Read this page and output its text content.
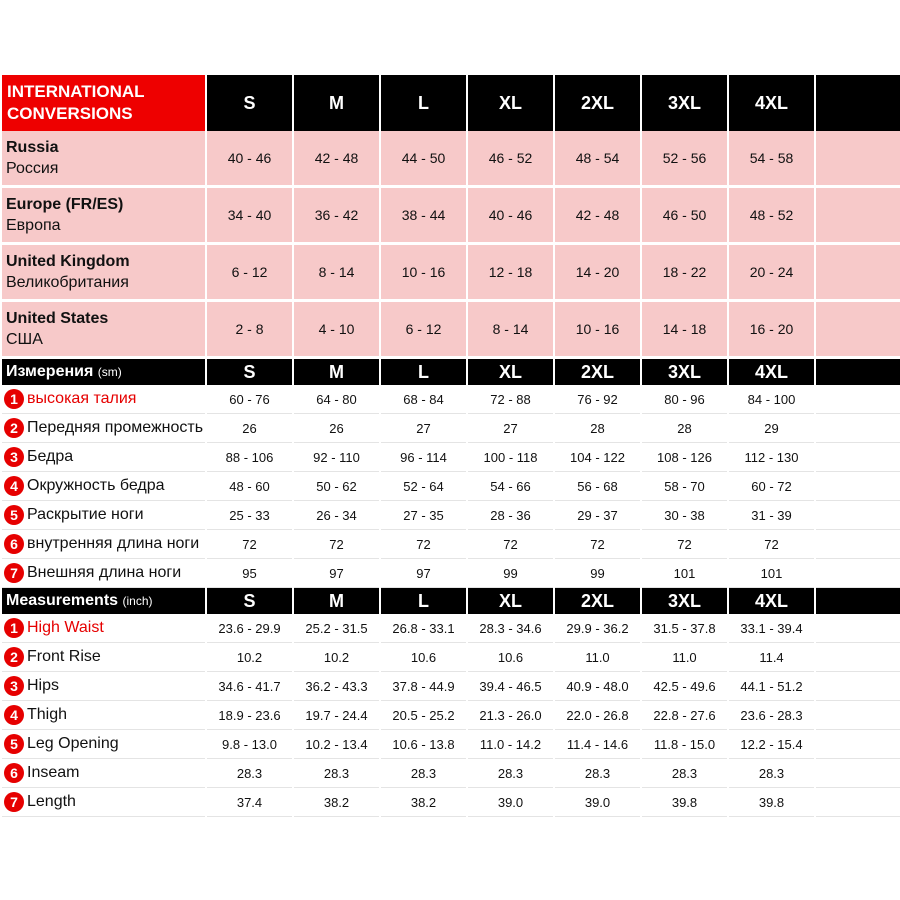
INTERNATIONAL CONVERSIONS	S	M	L	XL	2XL	3XL	4XL	

Russia
Россия	40 - 46	42 - 48	44 - 50	46 - 52	48 - 54	52 - 56	54 - 58	

Europe (FR/ES)
Европа	34 - 40	36 - 42	38 - 44	40 - 46	42 - 48	46 - 50	48 - 52	

United Kingdom
Великобритания	6 - 12	8 - 14	10 - 16	12 - 18	14 - 20	18 - 22	20 - 24	

United States
США	2 - 8	4 - 10	6 - 12	8 - 14	10 - 16	14 - 18	16 - 20	
Измерения (sm)	S	M	L	XL	2XL	3XL	4XL	
1 высокая талия	60 - 76	64 - 80	68 - 84	72 - 88	76 - 92	80 - 96	84 - 100	
2 Передняя промежность	26	26	27	27	28	28	29	
3 Бедра	88 - 106	92 - 110	96 - 114	100 - 118	104 - 122	108 - 126	112 - 130	
4 Окружность бедра	48 - 60	50 - 62	52 - 64	54 - 66	56 - 68	58 - 70	60 - 72	
5 Раскрытие ноги	25 - 33	26 - 34	27 - 35	28 - 36	29 - 37	30 - 38	31 - 39	
6 внутренняя длина ноги	72	72	72	72	72	72	72	
7 Внешняя длина ноги	95	97	97	99	99	101	101	
Measurements (inch)	S	M	L	XL	2XL	3XL	4XL	
1 High Waist	23.6 - 29.9	25.2 - 31.5	26.8 - 33.1	28.3 - 34.6	29.9 - 36.2	31.5 - 37.8	33.1 - 39.4	
2 Front Rise	10.2	10.2	10.6	10.6	11.0	11.0	11.4	
3 Hips	34.6 - 41.7	36.2 - 43.3	37.8 - 44.9	39.4 - 46.5	40.9 - 48.0	42.5 - 49.6	44.1 - 51.2	
4 Thigh	18.9 - 23.6	19.7 - 24.4	20.5 - 25.2	21.3 - 26.0	22.0 - 26.8	22.8 - 27.6	23.6 - 28.3	
5 Leg Opening	9.8 - 13.0	10.2 - 13.4	10.6 - 13.8	11.0 - 14.2	11.4 - 14.6	11.8 - 15.0	12.2 - 15.4	
6 Inseam	28.3	28.3	28.3	28.3	28.3	28.3	28.3	
7 Length	37.4	38.2	38.2	39.0	39.0	39.8	39.8	
